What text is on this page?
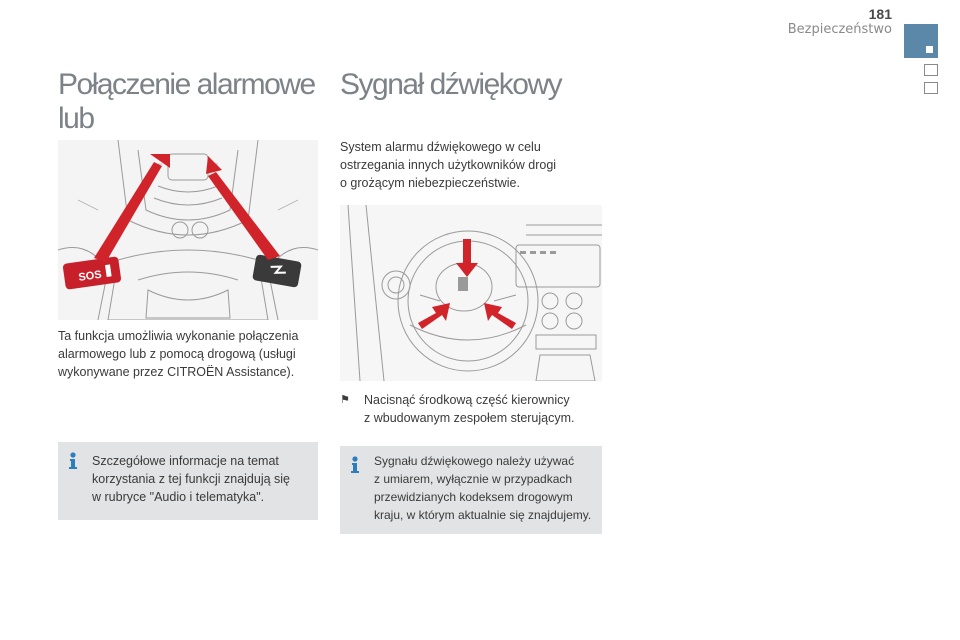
181
Bezpieczeństwo
Połączenie alarmowe lub
SOS
Ta funkcja umożliwia wykonanie połączenia
alarmowego lub z pomocą drogową (usługi
wykonywane przez CITROËN Assistance).
Szczegółowe informacje na temat
korzystania z tej funkcji znajdują się
w rubryce "Audio i telematyka".
Sygnał dźwiękowy
System alarmu dźwiękowego w celu
ostrzegania innych użytkowników drogi
o grożącym niebezpieczeństwie.
⚑ Nacisnąć środkową część kierownicy
z wbudowanym zespołem sterującym.
Sygnału dźwiękowego należy używać
z umiarem, wyłącznie w przypadkach
przewidzianych kodeksem drogowym
kraju, w którym aktualnie się znajdujemy.
